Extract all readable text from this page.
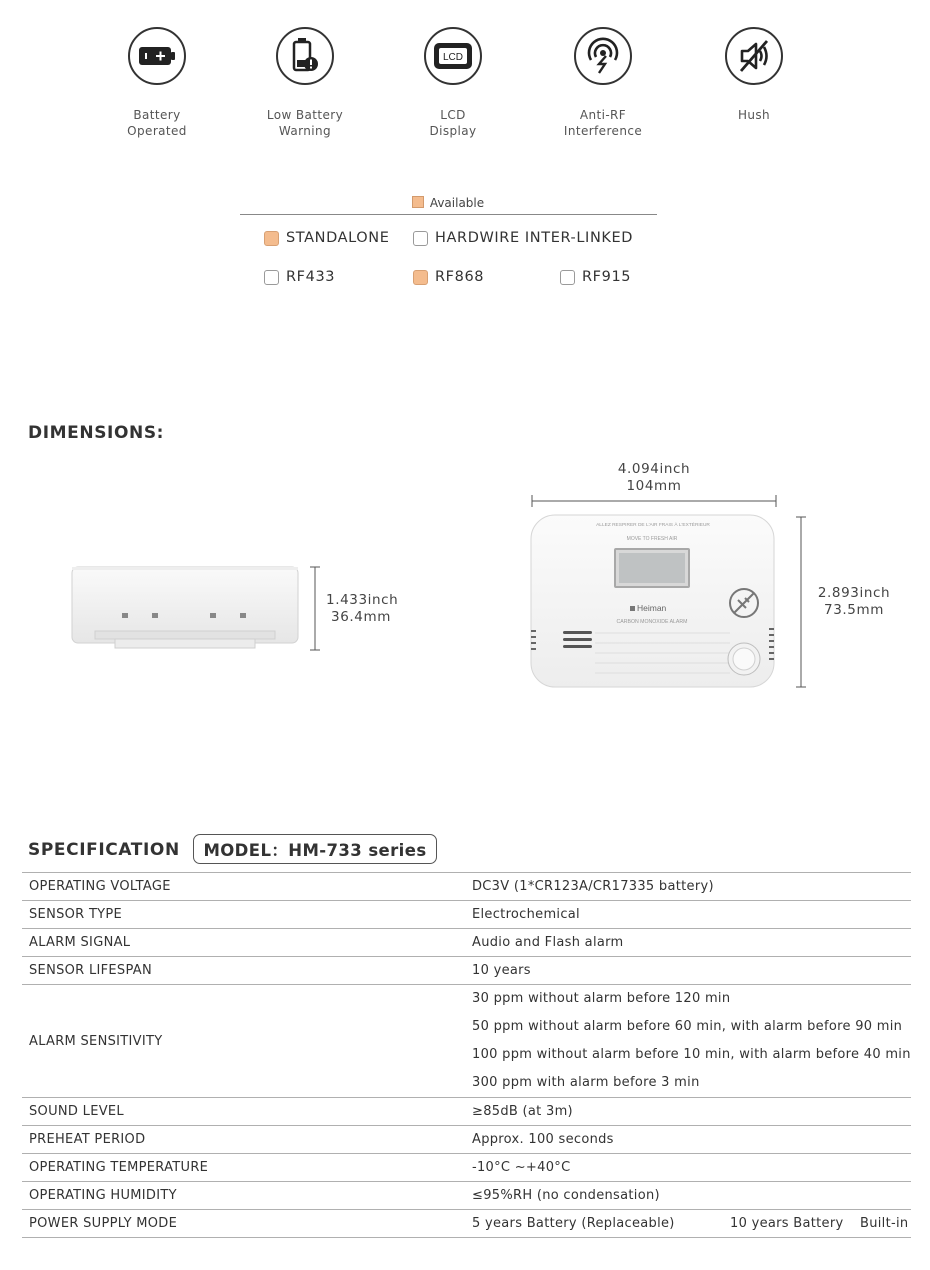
Battery
Operated
Low Battery
Warning
LCD
LCD
Display
Anti-RF
Interference
Hush
Available
STANDALONE	HARDWIRE INTER-LINKED
RF433	RF868	RF915
DIMENSIONS:
1.433inch
36.4mm
4.094inch
104mm
ALLEZ RESPIRER DE L'AIR FRAIS À L'EXTÉRIEUR
MOVE TO FRESH AIR
Heiman
CARBON MONOXIDE ALARM
2.893inch
73.5mm
SPECIFICATION	MODEL：HM-733 series
OPERATING VOLTAGE	DC3V (1*CR123A/CR17335 battery)
SENSOR TYPE	Electrochemical
ALARM SIGNAL	Audio and Flash alarm
SENSOR LIFESPAN	10 years
ALARM SENSITIVITY	30 ppm without alarm before 120 min
50 ppm without alarm before 60 min, with alarm before 90 min
100 ppm without alarm before 10 min, with alarm before 40 min
300 ppm with alarm before 3 min

SOUND LEVEL	≥85dB (at 3m)
PREHEAT PERIOD	Approx. 100 seconds
OPERATING TEMPERATURE	-10°C ~+40°C
OPERATING HUMIDITY	≤95%RH (no condensation)
POWER SUPPLY MODE	5 years Battery (Replaceable) 10 years Battery Built-in
